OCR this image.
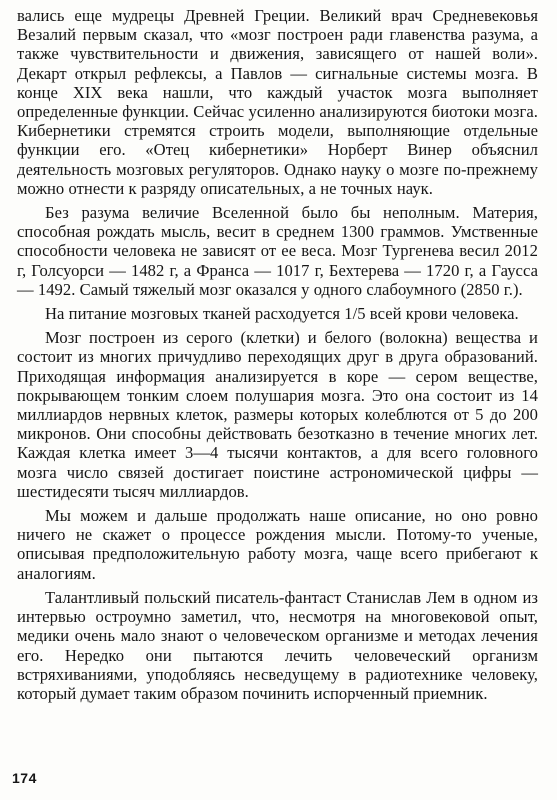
вались еще мудрецы Древней Греции. Великий врач Средневековья Везалий первым сказал, что «мозг построен ради главенства разума, а также чувствительности и движения, зависящего от нашей воли». Декарт открыл рефлексы, а Павлов — сигнальные системы мозга. В конце XIX века нашли, что каждый участок мозга выполняет определенные функции. Сейчас усиленно анализируются биотоки мозга. Кибернетики стремятся строить модели, выполняющие отдельные функции его. «Отец кибернетики» Норберт Винер объяснил деятельность мозговых регуляторов. Однако науку о мозге по-прежнему можно отнести к разряду описательных, а не точных наук.

Без разума величие Вселенной было бы неполным. Материя, способная рождать мысль, весит в среднем 1300 граммов. Умственные способности человека не зависят от ее веса. Мозг Тургенева весил 2012 г, Голсуорси — 1482 г, а Франса — 1017 г, Бехтерева — 1720 г, а Гаусса — 1492. Самый тяжелый мозг оказался у одного слабоумного (2850 г.).

На питание мозговых тканей расходуется 1/5 всей крови человека.

Мозг построен из серого (клетки) и белого (волокна) вещества и состоит из многих причудливо переходящих друг в друга образований. Приходящая информация анализируется в коре — сером веществе, покрывающем тонким слоем полушария мозга. Это она состоит из 14 миллиардов нервных клеток, размеры которых колеблются от 5 до 200 микронов. Они способны действовать безотказно в течение многих лет. Каждая клетка имеет 3—4 тысячи контактов, а для всего головного мозга число связей достигает поистине астрономической цифры — шестидесяти тысяч миллиардов.

Мы можем и дальше продолжать наше описание, но оно ровно ничего не скажет о процессе рождения мысли. Потому-то ученые, описывая предположительную работу мозга, чаще всего прибегают к аналогиям.

Талантливый польский писатель-фантаст Станислав Лем в одном из интервью остроумно заметил, что, несмотря на многовековой опыт, медики очень мало знают о человеческом организме и методах лечения его. Нередко они пытаются лечить человеческий организм встряхиваниями, уподобляясь несведущему в радиотехнике человеку, который думает таким образом починить испорченный приемник.

174
